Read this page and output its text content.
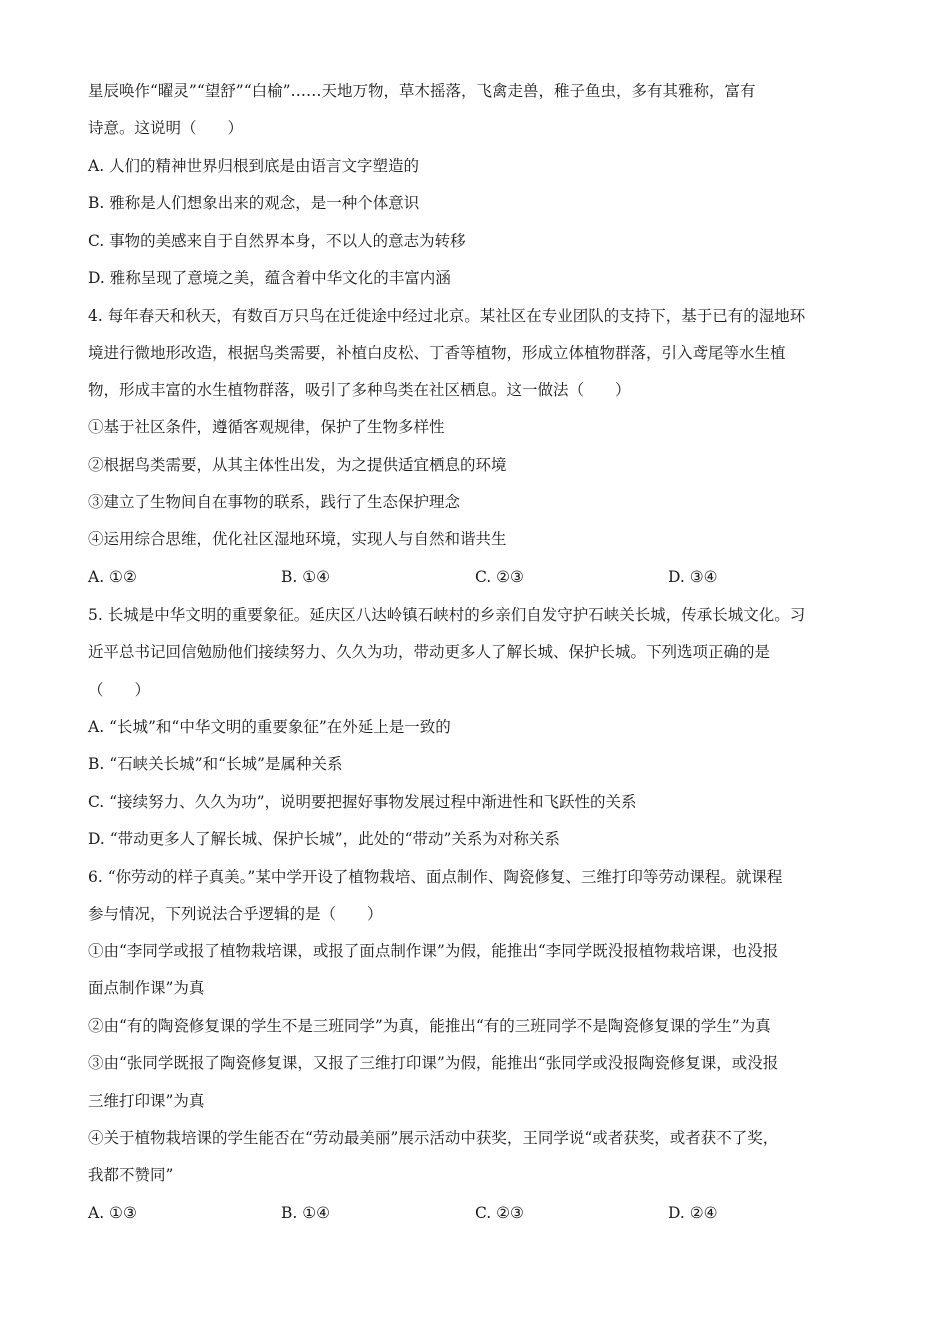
星辰唤作“曜灵”“望舒”“白榆”……天地万物，草木摇落，飞禽走兽，稚子鱼虫，多有其雅称，富有
诗意。这说明（　　）
A. 人们的精神世界归根到底是由语言文字塑造的
B. 雅称是人们想象出来的观念，是一种个体意识
C. 事物的美感来自于自然界本身，不以人的意志为转移
D. 雅称呈现了意境之美，蕴含着中华文化的丰富内涵
4. 每年春天和秋天，有数百万只鸟在迁徙途中经过北京。某社区在专业团队的支持下，基于已有的湿地环
境进行微地形改造，根据鸟类需要，补植白皮松、丁香等植物，形成立体植物群落，引入鸢尾等水生植
物，形成丰富的水生植物群落，吸引了多种鸟类在社区栖息。这一做法（　　）
①基于社区条件，遵循客观规律，保护了生物多样性
②根据鸟类需要，从其主体性出发，为之提供适宜栖息的环境
③建立了生物间自在事物的联系，践行了生态保护理念
④运用综合思维，优化社区湿地环境，实现人与自然和谐共生
A. ①②	B. ①④	C. ②③	D. ③④
5. 长城是中华文明的重要象征。延庆区八达岭镇石峡村的乡亲们自发守护石峡关长城，传承长城文化。习
近平总书记回信勉励他们接续努力、久久为功，带动更多人了解长城、保护长城。下列选项正确的是
（　　）
A. “长城”和“中华文明的重要象征”在外延上是一致的
B. “石峡关长城”和“长城”是属种关系
C. “接续努力、久久为功”，说明要把握好事物发展过程中渐进性和飞跃性的关系
D. “带动更多人了解长城、保护长城”，此处的“带动”关系为对称关系
6. “你劳动的样子真美。”某中学开设了植物栽培、面点制作、陶瓷修复、三维打印等劳动课程。就课程
参与情况，下列说法合乎逻辑的是（　　）
①由“李同学或报了植物栽培课，或报了面点制作课”为假，能推出“李同学既没报植物栽培课，也没报
面点制作课”为真
②由“有的陶瓷修复课的学生不是三班同学”为真，能推出“有的三班同学不是陶瓷修复课的学生”为真
③由“张同学既报了陶瓷修复课，又报了三维打印课”为假，能推出“张同学或没报陶瓷修复课，或没报
三维打印课”为真
④关于植物栽培课的学生能否在“劳动最美丽”展示活动中获奖，王同学说“或者获奖，或者获不了奖，
我都不赞同”
A. ①③	B. ①④	C. ②③	D. ②④
